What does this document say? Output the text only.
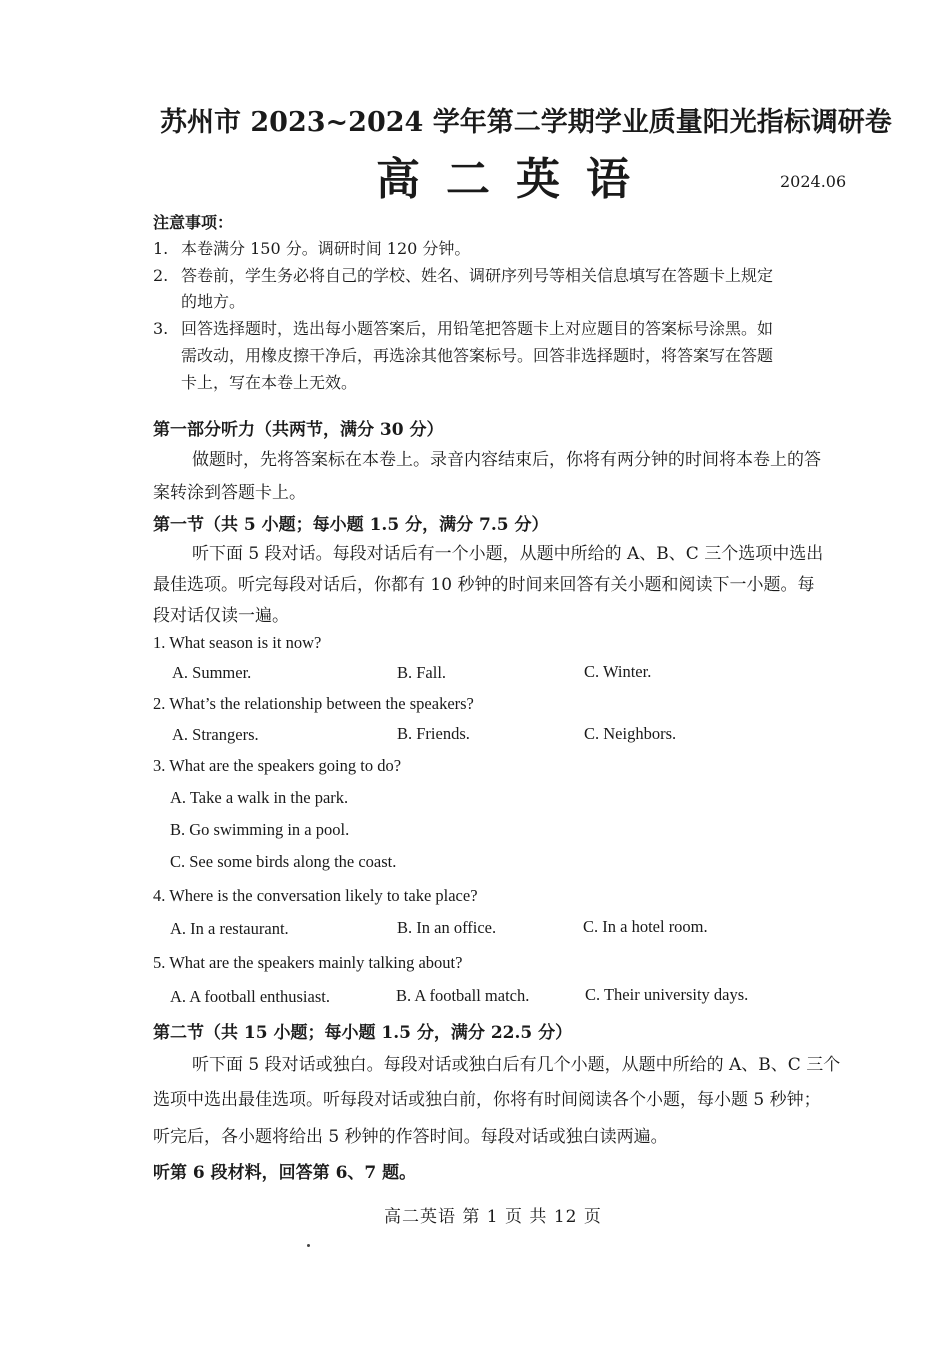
苏州市 2023~2024 学年第二学期学业质量阳光指标调研卷
高二英语	2024.06
注意事项：
1. 本卷满分 150 分。调研时间 120 分钟。
2. 答卷前，学生务必将自己的学校、姓名、调研序列号等相关信息填写在答题卡上规定
的地方。
3. 回答选择题时，选出每小题答案后，用铅笔把答题卡上对应题目的答案标号涂黑。如
需改动，用橡皮擦干净后，再选涂其他答案标号。回答非选择题时，将答案写在答题
卡上，写在本卷上无效。
第一部分听力（共两节，满分 30 分）
做题时，先将答案标在本卷上。录音内容结束后，你将有两分钟的时间将本卷上的答
案转涂到答题卡上。
第一节（共 5 小题；每小题 1.5 分，满分 7.5 分）
听下面 5 段对话。每段对话后有一个小题，从题中所给的 A、B、C 三个选项中选出
最佳选项。听完每段对话后，你都有 10 秒钟的时间来回答有关小题和阅读下一小题。每
段对话仅读一遍。
1. What season is it now?
A. Summer.	B. Fall.	C. Winter.
2. What’s the relationship between the speakers?
A. Strangers.	B. Friends.	C. Neighbors.
3. What are the speakers going to do?
A. Take a walk in the park.
B. Go swimming in a pool.
C. See some birds along the coast.
4. Where is the conversation likely to take place?
A. In a restaurant.	B. In an office.	C. In a hotel room.
5. What are the speakers mainly talking about?
A. A football enthusiast.	B. A football match.	C. Their university days.
第二节（共 15 小题；每小题 1.5 分，满分 22.5 分）
听下面 5 段对话或独白。每段对话或独白后有几个小题，从题中所给的 A、B、C 三个
选项中选出最佳选项。听每段对话或独白前，你将有时间阅读各个小题，每小题 5 秒钟；
听完后，各小题将给出 5 秒钟的作答时间。每段对话或独白读两遍。
听第 6 段材料，回答第 6、7 题。
高二英语 第 1 页 共 12 页
